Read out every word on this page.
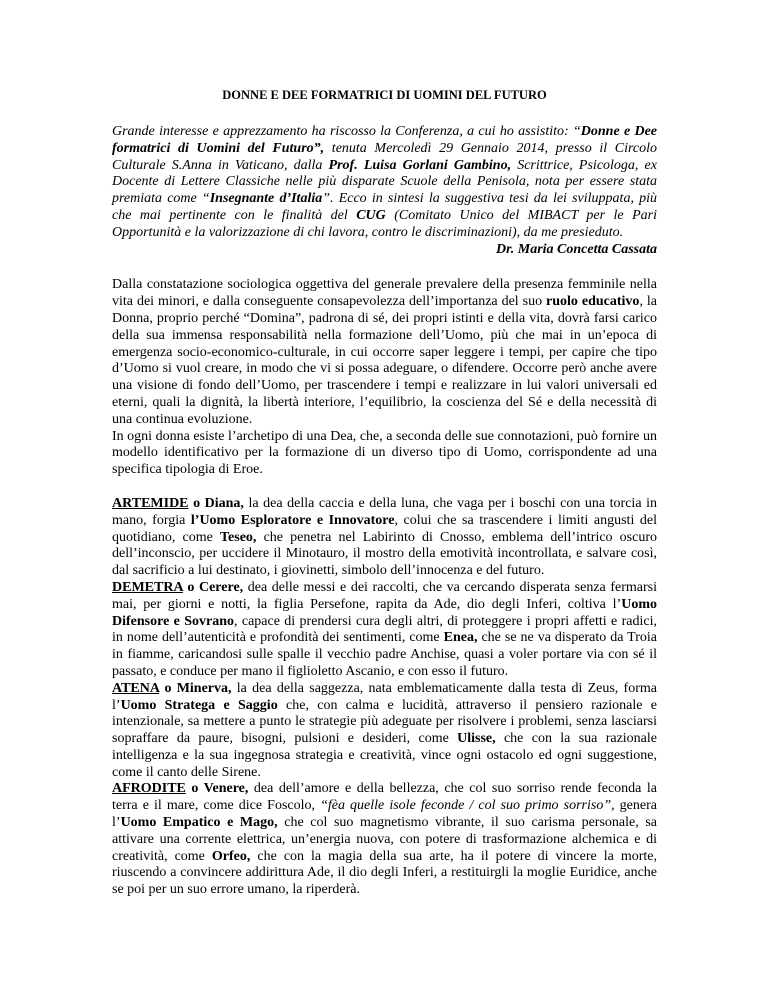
DONNE E DEE FORMATRICI DI UOMINI DEL FUTURO

Grande interesse e apprezzamento ha riscosso la Conferenza, a cui ho assistito: “Donne e Dee formatrici di Uomini del Futuro”, tenuta Mercoledì 29 Gennaio 2014, presso il Circolo Culturale S.Anna in Vaticano, dalla Prof. Luisa Gorlani Gambino, Scrittrice, Psicologa, ex Docente di Lettere Classiche nelle più disparate Scuole della Penisola, nota per essere stata premiata come “Insegnante d’Italia”. Ecco in sintesi la suggestiva tesi da lei sviluppata, più che mai pertinente con le finalità del CUG (Comitato Unico del MIBACT per le Pari Opportunità e la valorizzazione di chi lavora, contro le discriminazioni), da me presieduto.

Dr. Maria Concetta Cassata

Dalla constatazione sociologica oggettiva del generale prevalere della presenza femminile nella vita dei minori, e dalla conseguente consapevolezza dell’importanza del suo ruolo educativo, la Donna, proprio perché “Domina”, padrona di sé, dei propri istinti e della vita, dovrà farsi carico della sua immensa responsabilità nella formazione dell’Uomo, più che mai in un’epoca di emergenza socio-economico-culturale, in cui occorre saper leggere i tempi, per capire che tipo d’Uomo si vuol creare, in modo che vi si possa adeguare, o difendere. Occorre però anche avere una visione di fondo dell’Uomo, per trascendere i tempi e realizzare in lui valori universali ed eterni, quali la dignità, la libertà interiore, l’equilibrio, la coscienza del Sé e della necessità di una continua evoluzione.

In ogni donna esiste l’archetipo di una Dea, che, a seconda delle sue connotazioni, può fornire un modello identificativo per la formazione di un diverso tipo di Uomo, corrispondente ad una specifica tipologia di Eroe.

ARTEMIDE o Diana, la dea della caccia e della luna, che vaga per i boschi con una torcia in mano, forgia l’Uomo Esploratore e Innovatore, colui che sa trascendere i limiti angusti del quotidiano, come Teseo, che penetra nel Labirinto di Cnosso, emblema dell’intrico oscuro dell’inconscio, per uccidere il Minotauro, il mostro della emotività incontrollata, e salvare così, dal sacrificio a lui destinato, i giovinetti, simbolo dell’innocenza e del futuro.

DEMETRA o Cerere, dea delle messi e dei raccolti, che va cercando disperata senza fermarsi mai, per giorni e notti, la figlia Persefone, rapita da Ade, dio degli Inferi, coltiva l’Uomo Difensore e Sovrano, capace di prendersi cura degli altri, di proteggere i propri affetti e radici, in nome dell’autenticità e profondità dei sentimenti, come Enea, che se ne va disperato da Troia in fiamme, caricandosi sulle spalle il vecchio padre Anchise, quasi a voler portare via con sé il passato, e conduce per mano il figlioletto Ascanio, e con esso il futuro.

ATENA o Minerva, la dea della saggezza, nata emblematicamente dalla testa di Zeus, forma l’Uomo Stratega e Saggio che, con calma e lucidità, attraverso il pensiero razionale e intenzionale, sa mettere a punto le strategie più adeguate per risolvere i problemi, senza lasciarsi sopraffare da paure, bisogni, pulsioni e desideri, come Ulisse, che con la sua razionale intelligenza e la sua ingegnosa strategia e creatività, vince ogni ostacolo ed ogni suggestione, come il canto delle Sirene.

AFRODITE o Venere, dea dell’amore e della bellezza, che col suo sorriso rende feconda la terra e il mare, come dice Foscolo, “fèa quelle isole feconde / col suo primo sorriso”, genera l’Uomo Empatico e Mago, che col suo magnetismo vibrante, il suo carisma personale, sa attivare una corrente elettrica, un’energia nuova, con potere di trasformazione alchemica e di creatività, come Orfeo, che con la magia della sua arte, ha il potere di vincere la morte, riuscendo a convincere addirittura Ade, il dio degli Inferi, a restituirgli la moglie Euridice, anche se poi per un suo errore umano, la riperderà.
